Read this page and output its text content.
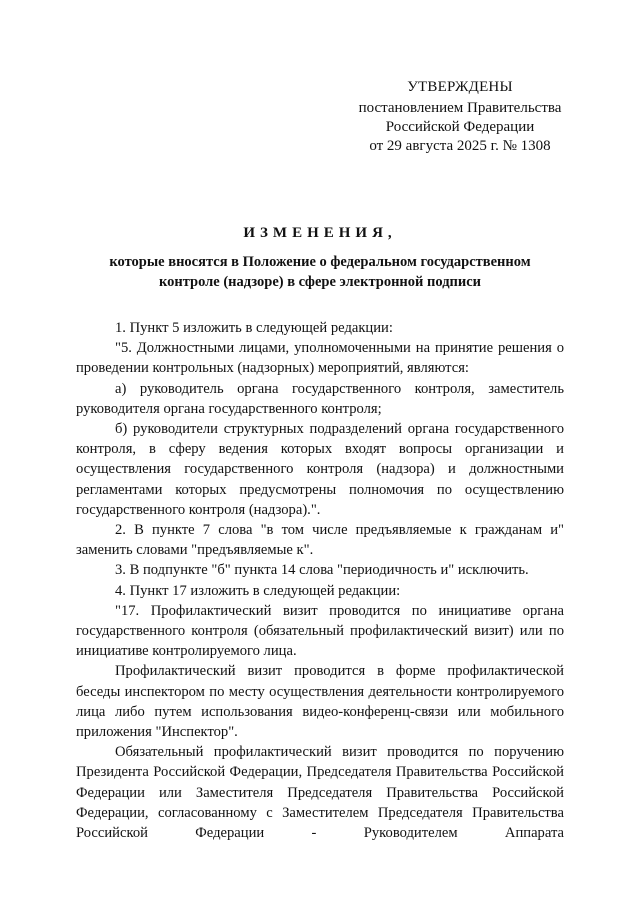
УТВЕРЖДЕНЫ
постановлением Правительства
Российской Федерации
от 29 августа 2025 г. № 1308
ИЗМЕНЕНИЯ,
которые вносятся в Положение о федеральном государственном
контроле (надзоре) в сфере электронной подписи

1. Пункт 5 изложить в следующей редакции:

"5. Должностными лицами, уполномоченными на принятие решения о проведении контрольных (надзорных) мероприятий, являются:

а) руководитель органа государственного контроля, заместитель руководителя органа государственного контроля;

б) руководители структурных подразделений органа государственного контроля, в сферу ведения которых входят вопросы организации и осуществления государственного контроля (надзора) и должностными регламентами которых предусмотрены полномочия по осуществлению государственного контроля (надзора).".

2. В пункте 7 слова "в том числе предъявляемые к гражданам и" заменить словами "предъявляемые к".

3. В подпункте "б" пункта 14 слова "периодичность и" исключить.

4. Пункт 17 изложить в следующей редакции:

"17. Профилактический визит проводится по инициативе органа государственного контроля (обязательный профилактический визит) или по инициативе контролируемого лица.

Профилактический визит проводится в форме профилактической беседы инспектором по месту осуществления деятельности контролируемого лица либо путем использования видео-конференц-связи или мобильного приложения "Инспектор".

Обязательный профилактический визит проводится по поручению Президента Российской Федерации, Председателя Правительства Российской Федерации или Заместителя Председателя Правительства Российской Федерации, согласованному с Заместителем Председателя Правительства Российской Федерации - Руководителем Аппарата
